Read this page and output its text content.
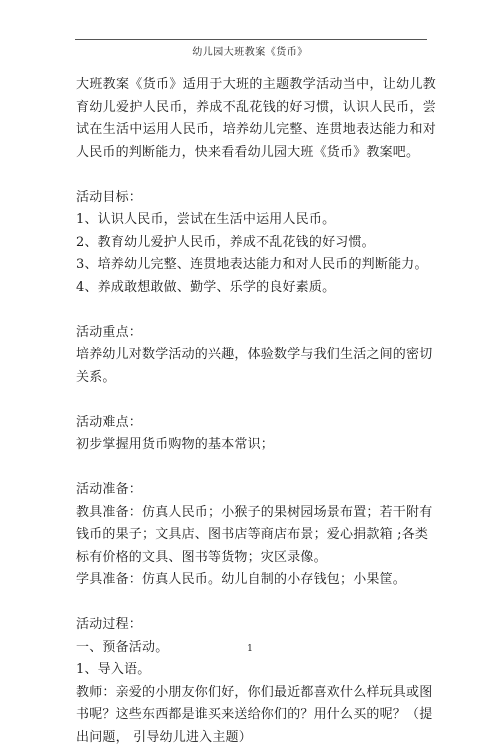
幼儿园大班教案《货币》

大班教案《货币》适用于大班的主题教学活动当中，让幼儿教育幼儿爱护人民币，养成不乱花钱的好习惯，认识人民币，尝试在生活中运用人民币，培养幼儿完整、连贯地表达能力和对人民币的判断能力，快来看看幼儿园大班《货币》教案吧。

活动目标：

1、认识人民币，尝试在生活中运用人民币。

2、教育幼儿爱护人民币，养成不乱花钱的好习惯。

3、培养幼儿完整、连贯地表达能力和对人民币的判断能力。

4、养成敢想敢做、勤学、乐学的良好素质。

活动重点：

培养幼儿对数学活动的兴趣，体验数学与我们生活之间的密切关系。

活动难点：

初步掌握用货币购物的基本常识；

活动准备：

教具准备：仿真人民币；小猴子的果树园场景布置；若干附有钱币的果子；文具店、图书店等商店布景；爱心捐款箱 ;各类标有价格的文具、图书等货物；灾区录像。

学具准备：仿真人民币。幼儿自制的小存钱包；小果筐。

活动过程：

一、预备活动。

1、导入语。

教师：亲爱的小朋友你们好，你们最近都喜欢什么样玩具或图书呢？这些东西都是谁买来送给你们的？用什么买的呢？（提出问题， 引导幼儿进入主题）

1
